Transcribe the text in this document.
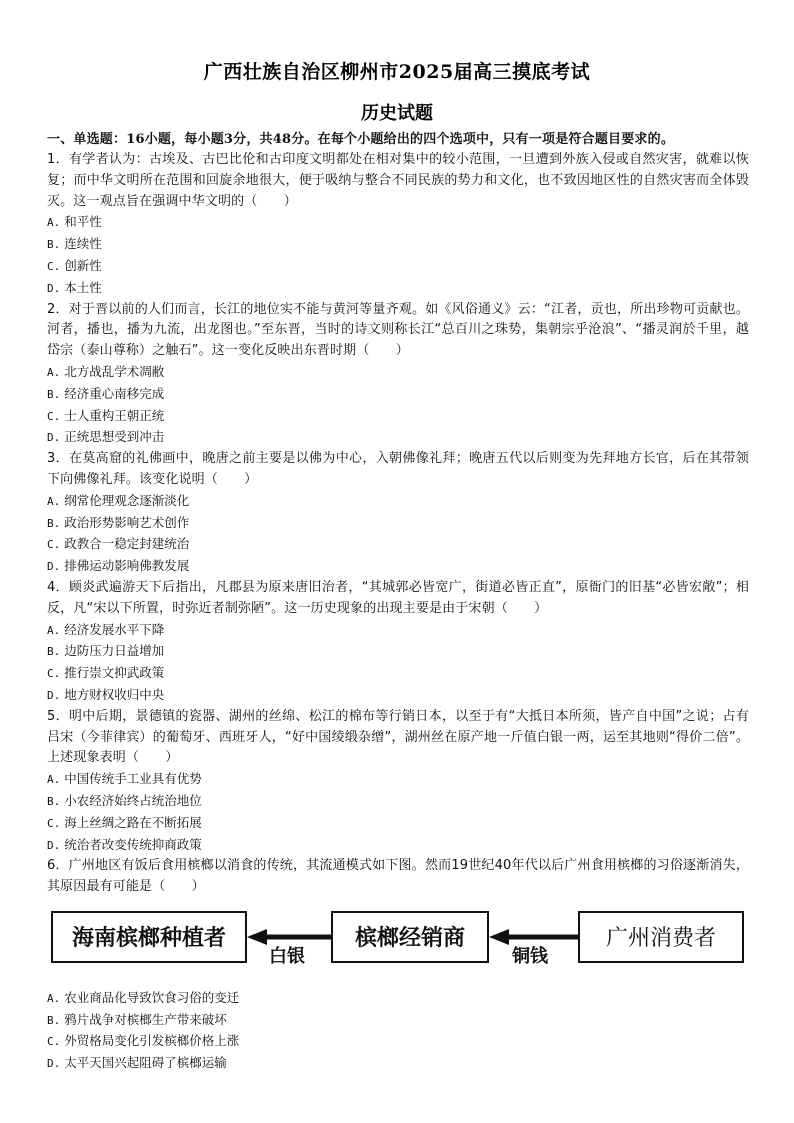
广西壮族自治区柳州市2025届高三摸底考试
历史试题

一、单选题：16小题，每小题3分，共48分。在每个小题给出的四个选项中，只有一项是符合题目要求的。

1．有学者认为：古埃及、古巴比伦和古印度文明都处在相对集中的较小范围，一旦遭到外族入侵或自然灾害，就难以恢复；而中华文明所在范围和回旋余地很大，便于吸纳与整合不同民族的势力和文化，也不致因地区性的自然灾害而全体毁灭。这一观点旨在强调中华文明的（　　）

A. 和平性

B. 连续性

C. 创新性

D. 本土性

2．对于晋以前的人们而言，长江的地位实不能与黄河等量齐观。如《风俗通义》云：“江者，贡也，所出珍物可贡献也。河者，播也，播为九流，出龙图也。”至东晋，当时的诗文则称长江“总百川之珠势，集朝宗乎沧浪”、“播灵润於千里，越岱宗（泰山尊称）之触石”。这一变化反映出东晋时期（　　）

A. 北方战乱学术凋敝

B. 经济重心南移完成

C. 士人重构王朝正统

D. 正统思想受到冲击

3．在莫高窟的礼佛画中，晚唐之前主要是以佛为中心，入朝佛像礼拜；晚唐五代以后则变为先拜地方长官，后在其带领下向佛像礼拜。该变化说明（　　）

A. 纲常伦理观念逐渐淡化

B. 政治形势影响艺术创作

C. 政教合一稳定封建统治

D. 排佛运动影响佛教发展

4．顾炎武遍游天下后指出，凡郡县为原来唐旧治者，“其城郭必皆宽广，街道必皆正直”，原衙门的旧基“必皆宏敞”；相反，凡“宋以下所置，时弥近者制弥陋”。这一历史现象的出现主要是由于宋朝（　　）

A. 经济发展水平下降

B. 边防压力日益增加

C. 推行崇文抑武政策

D. 地方财权收归中央

5．明中后期，景德镇的瓷器、湖州的丝绵、松江的棉布等行销日本，以至于有“大抵日本所须，皆产自中国”之说；占有吕宋（今菲律宾）的葡萄牙、西班牙人，“好中国绫缎杂缯”，湖州丝在原产地一斤值白银一两，运至其地则“得价二倍”。上述现象表明（　　）

A. 中国传统手工业具有优势

B. 小农经济始终占统治地位

C. 海上丝绸之路在不断拓展

D. 统治者改变传统抑商政策

6．广州地区有饭后食用槟榔以消食的传统，其流通模式如下图。然而19世纪40年代以后广州食用槟榔的习俗逐渐消失，其原因最有可能是（　　）

海南槟榔种植者
白银
槟榔经销商
铜钱
广州消费者

A. 农业商品化导致饮食习俗的变迁

B. 鸦片战争对槟榔生产带来破坏

C. 外贸格局变化引发槟榔价格上涨

D. 太平天国兴起阻碍了槟榔运输
